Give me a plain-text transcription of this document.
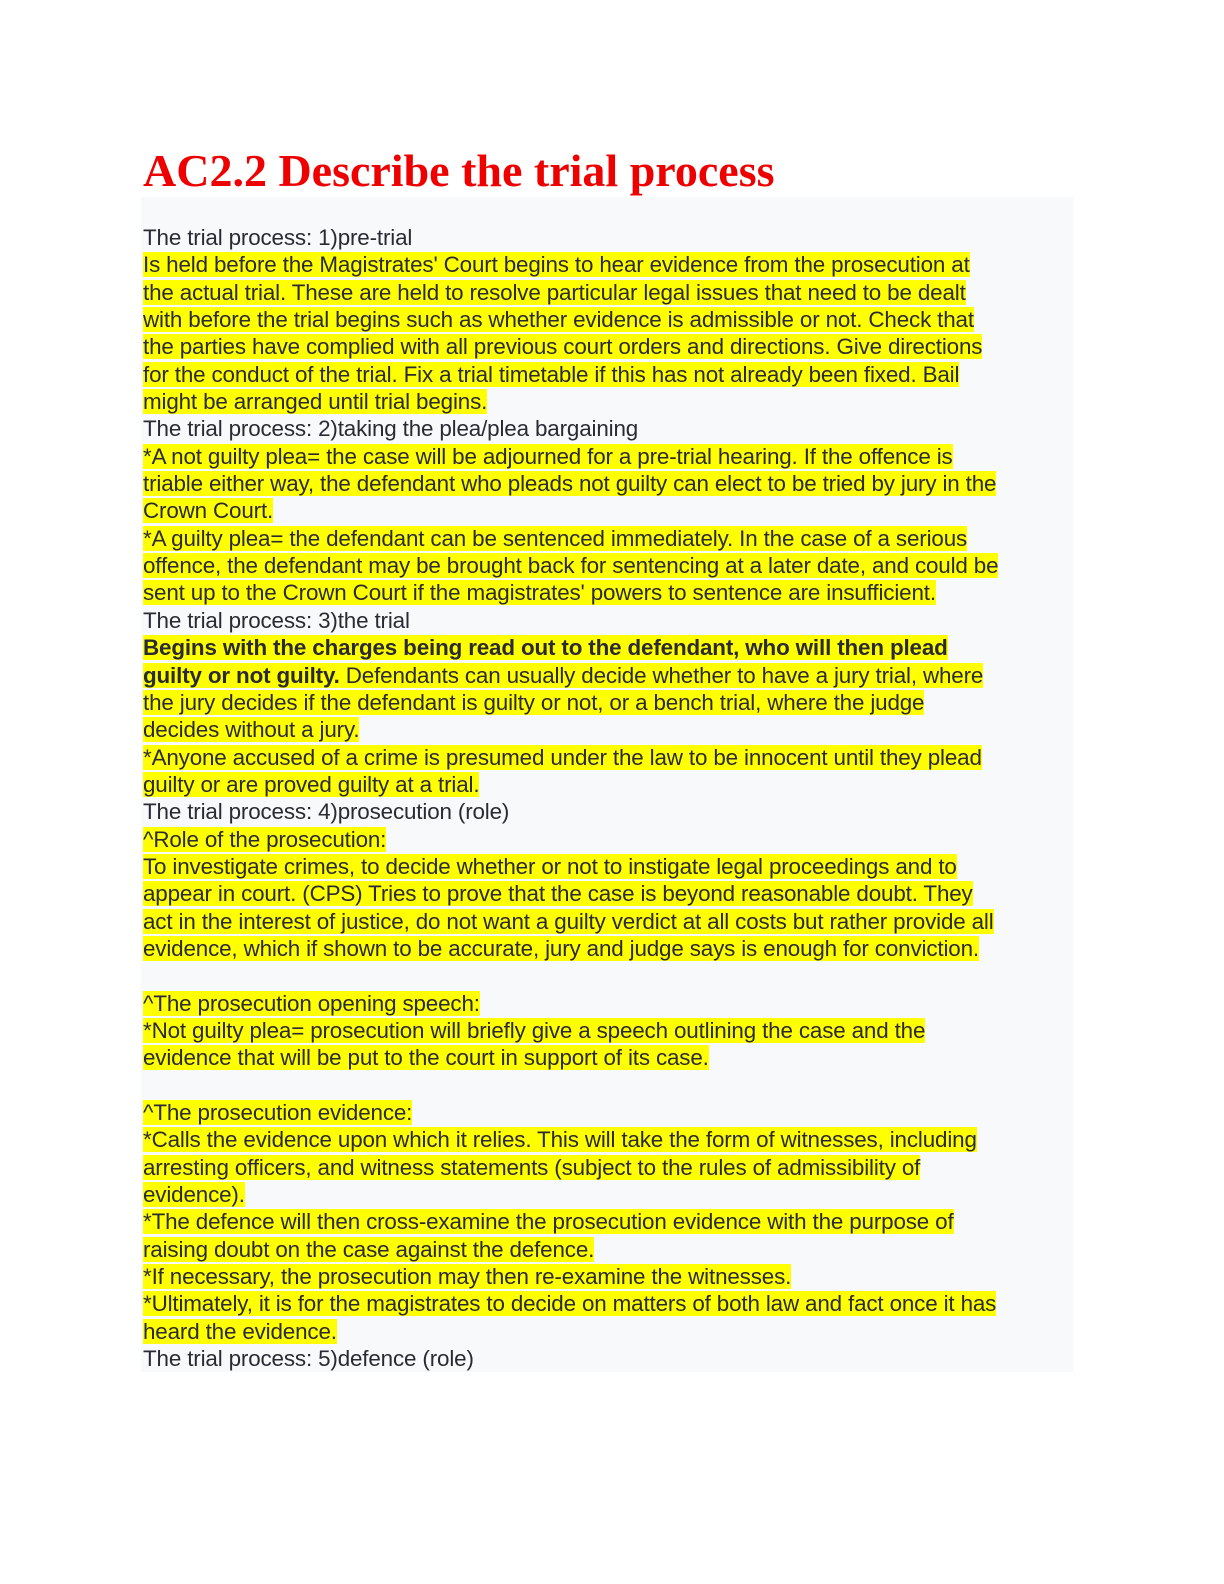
AC2.2 Describe the trial process
The trial process: 1)pre-trial
Is held before the Magistrates' Court begins to hear evidence from the prosecution at
the actual trial. These are held to resolve particular legal issues that need to be dealt
with before the trial begins such as whether evidence is admissible or not. Check that
the parties have complied with all previous court orders and directions. Give directions
for the conduct of the trial. Fix a trial timetable if this has not already been fixed. Bail
might be arranged until trial begins.
The trial process: 2)taking the plea/plea bargaining
*A not guilty plea= the case will be adjourned for a pre-trial hearing. If the offence is
triable either way, the defendant who pleads not guilty can elect to be tried by jury in the
Crown Court.
*A guilty plea= the defendant can be sentenced immediately. In the case of a serious
offence, the defendant may be brought back for sentencing at a later date, and could be
sent up to the Crown Court if the magistrates' powers to sentence are insufficient.
The trial process: 3)the trial
Begins with the charges being read out to the defendant, who will then plead
guilty or not guilty. Defendants can usually decide whether to have a jury trial, where
the jury decides if the defendant is guilty or not, or a bench trial, where the judge
decides without a jury.
*Anyone accused of a crime is presumed under the law to be innocent until they plead
guilty or are proved guilty at a trial.
The trial process: 4)prosecution (role)
^Role of the prosecution:
To investigate crimes, to decide whether or not to instigate legal proceedings and to
appear in court. (CPS) Tries to prove that the case is beyond reasonable doubt. They
act in the interest of justice, do not want a guilty verdict at all costs but rather provide all
evidence, which if shown to be accurate, jury and judge says is enough for conviction.
^The prosecution opening speech:
*Not guilty plea= prosecution will briefly give a speech outlining the case and the
evidence that will be put to the court in support of its case.
^The prosecution evidence:
*Calls the evidence upon which it relies. This will take the form of witnesses, including
arresting officers, and witness statements (subject to the rules of admissibility of
evidence).
*The defence will then cross-examine the prosecution evidence with the purpose of
raising doubt on the case against the defence.
*If necessary, the prosecution may then re-examine the witnesses.
*Ultimately, it is for the magistrates to decide on matters of both law and fact once it has
heard the evidence.
The trial process: 5)defence (role)
